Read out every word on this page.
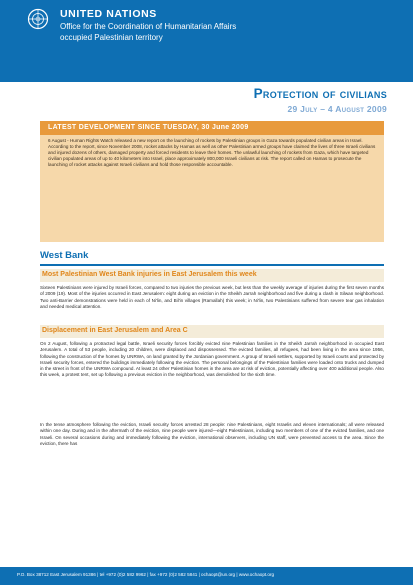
UNITED NATIONS
Office for the Coordination of Humanitarian Affairs
occupied Palestinian territory
Protection of civilians
29 July – 4 August 2009
LATEST DEVELOPMENT SINCE TUESDAY, 30 June 2009
6 August - Human Rights Watch released a new report on the launching of rockets by Palestinian groups in Gaza towards populated civilian areas in Israel. According to the report, since November 2008, rocket attacks by Hamas as well as other Palestinian armed groups have claimed the lives of three Israeli civilians and injured dozens of others, damaged property and forced residents to leave their homes. The unlawful launching of rockets from Gaza, which have targeted civilian populated areas of up to 40 kilometers into Israel, place approximately 800,000 Israeli civilians at risk. The report called on Hamas to prosecute the launching of rocket attacks against Israeli civilians and hold those responsible accountable.
West Bank
Most Palestinian West Bank injuries in East Jerusalem this week
Sixteen Palestinians were injured by Israeli forces, compared to two injuries the previous week, but less than the weekly average of injuries during the first seven months of 2009 (19). Most of the injuries occurred in East Jerusalem: eight during an eviction in the Sheikh Jarrah neighborhood and five during a clash in Silwan neighborhood. Two anti-Barrier demonstrations were held in each of Ni'lin, and Bil'in villages (Ramallah) this week; in Ni'lin, two Palestinians suffered from severe tear gas inhalation and needed medical attention.
Displacement in East Jerusalem and Area C
On 2 August, following a protracted legal battle, Israeli security forces forcibly evicted nine Palestinian families in the Sheikh Jarrah neighborhood in occupied East Jerusalem. A total of 53 people, including 20 children, were displaced and dispossessed. The evicted families, all refugees, had been living in the area since 1956, following the construction of the homes by UNRWA, on land granted by the Jordanian government. A group of Israeli settlers, supported by Israeli courts and protected by Israeli security forces, entered the buildings immediately following the eviction. The personal belongings of the Palestinian families were loaded onto trucks and dumped in the street in front of the UNRWA compound. At least 24 other Palestinian homes in the area are at risk of eviction, potentially affecting over 400 additional people. Also this week, a protest tent, set up following a previous eviction in the neighborhood, was demolished for the sixth time.
In the tense atmosphere following the eviction, Israeli security forces arrested 28 people: nine Palestinians, eight Israelis and eleven internationals; all were released within one day. During and in the aftermath of the eviction, nine people were injured—eight Palestinians, including two members of one of the evicted families, and one Israeli. On several occasions during and immediately following the eviction, international observers, including UN staff, were prevented access to the area. Since the eviction, there has
P.O. Box 38712 East Jerusalem 91386 | tel +972 (0)2 582 9962 | fax +972 (0)2 582 5841 | ochaopt@un.org | www.ochaopt.org
